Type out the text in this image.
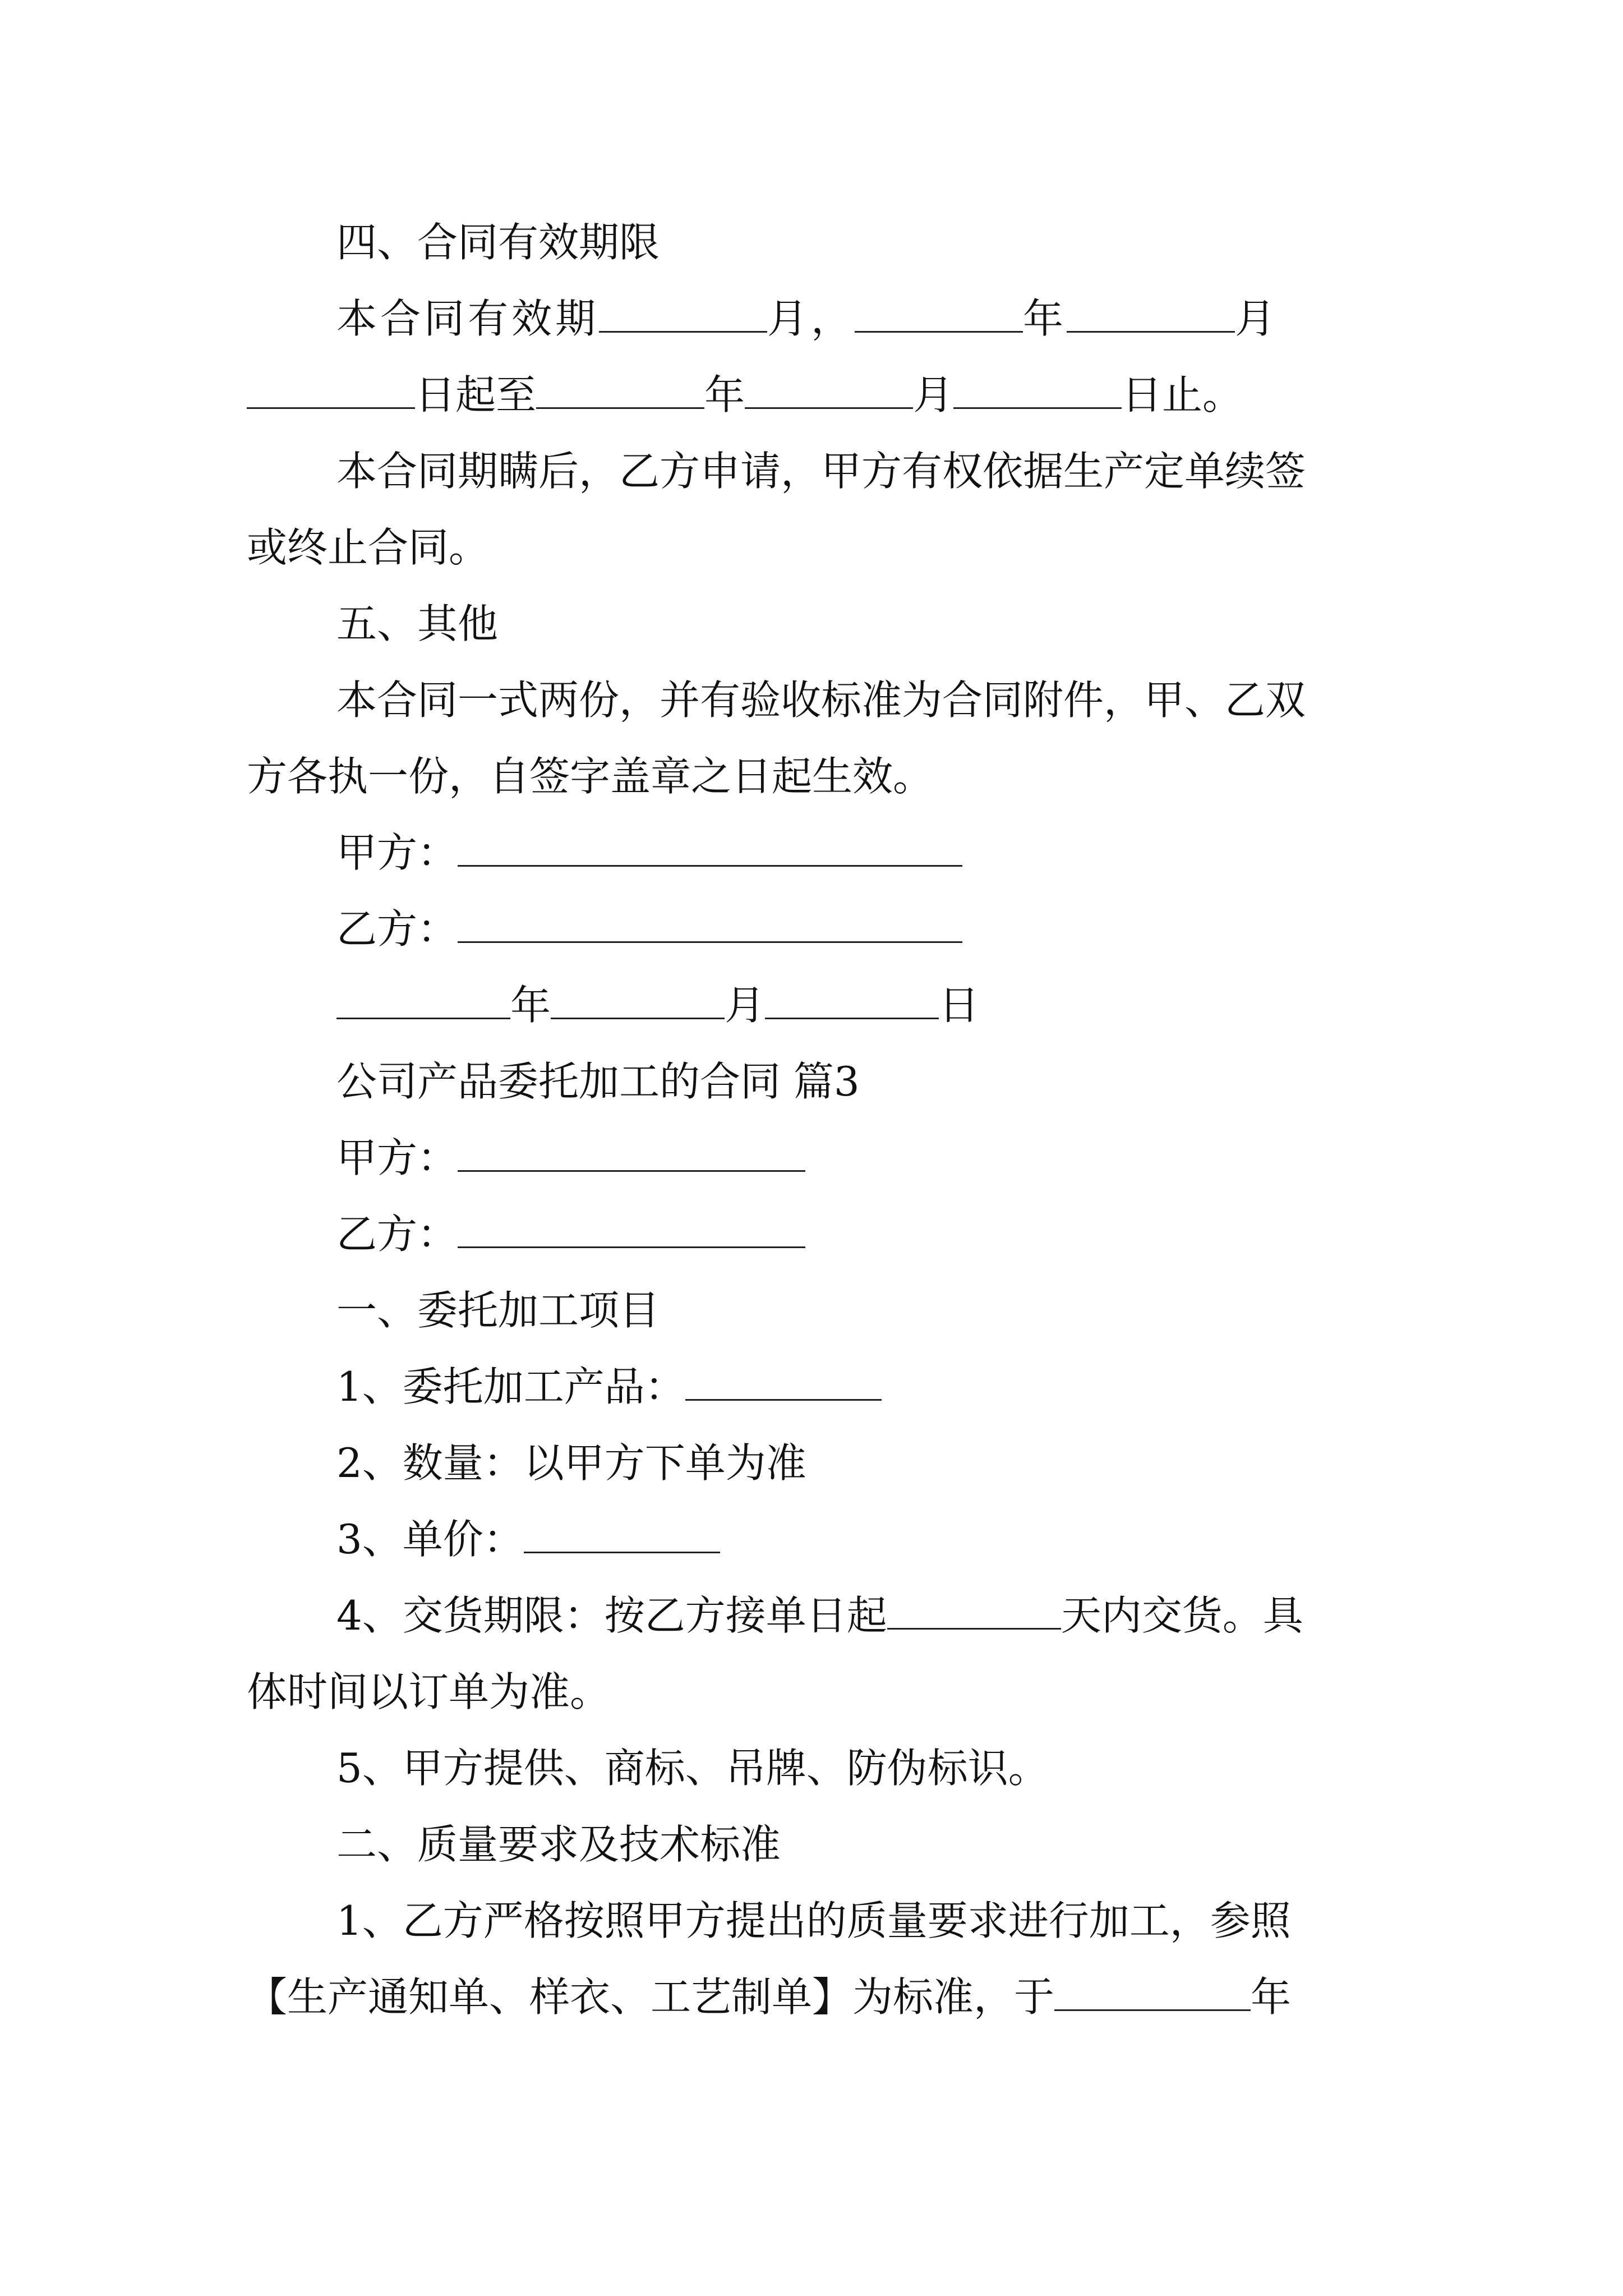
四、合同有效期限
本合同有效期	月，	年	月
日起至	年	月	日止。
本合同期瞒后，乙方申请，甲方有权依据生产定单续签
或终止合同。
五、其他
本合同一式两份，并有验收标准为合同附件，甲、乙双
方各执一份，自签字盖章之日起生效。
甲方：
乙方：
年	月	日
公司产品委托加工的合同 篇3
甲方：
乙方：
一、委托加工项目
1、委托加工产品：
2、数量：以甲方下单为准
3、单价：
4、交货期限：按乙方接单日起	天内交货。具
体时间以订单为准。
5、甲方提供、商标、吊牌、防伪标识。
二、质量要求及技术标准
1、乙方严格按照甲方提出的质量要求进行加工，参照
【生产通知单、样衣、工艺制单】为标准，于	年
